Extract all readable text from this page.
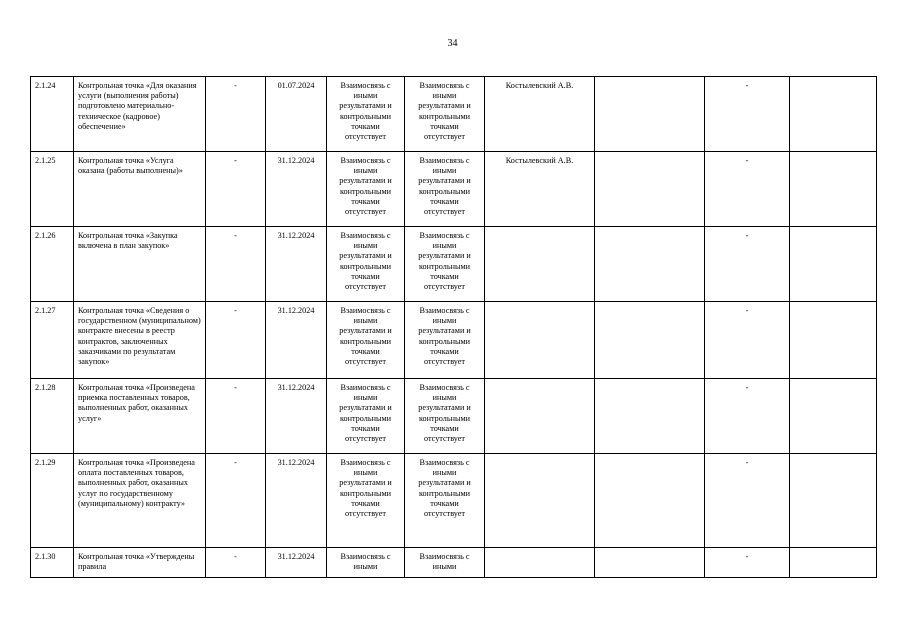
34
2.1.24	Контрольная точка «Для оказания услуги (выполнения работы) подготовлено материально-техническое (кадровое) обеспечение»	-	01.07.2024	Взаимосвязь с иными результатами и контрольными точками отсутствует	Взаимосвязь с иными результатами и контрольными точками отсутствует	Костылевский А.В.		-	
2.1.25	Контрольная точка «Услуга оказана (работы выполнены)»	-	31.12.2024	Взаимосвязь с иными результатами и контрольными точками отсутствует	Взаимосвязь с иными результатами и контрольными точками отсутствует	Костылевский А.В.		-	
2.1.26	Контрольная точка «Закупка включена в план закупок»	-	31.12.2024	Взаимосвязь с иными результатами и контрольными точками отсутствует	Взаимосвязь с иными результатами и контрольными точками отсутствует			-	
2.1.27	Контрольная точка «Сведения о государственном (муниципальном) контракте внесены в реестр контрактов, заключенных заказчиками по результатам закупок»	-	31.12.2024	Взаимосвязь с иными результатами и контрольными точками отсутствует	Взаимосвязь с иными результатами и контрольными точками отсутствует			-	
2.1.28	Контрольная точка «Произведена приемка поставленных товаров, выполненных работ, оказанных услуг»	-	31.12.2024	Взаимосвязь с иными результатами и контрольными точками отсутствует	Взаимосвязь с иными результатами и контрольными точками отсутствует			-	
2.1.29	Контрольная точка «Произведена оплата поставленных товаров, выполненных работ, оказанных услуг по государственному (муниципальному) контракту»	-	31.12.2024	Взаимосвязь с иными результатами и контрольными точками отсутствует	Взаимосвязь с иными результатами и контрольными точками отсутствует			-	
2.1.30	Контрольная точка «Утверждены правила	-	31.12.2024	Взаимосвязь с иными	Взаимосвязь с иными			-	
